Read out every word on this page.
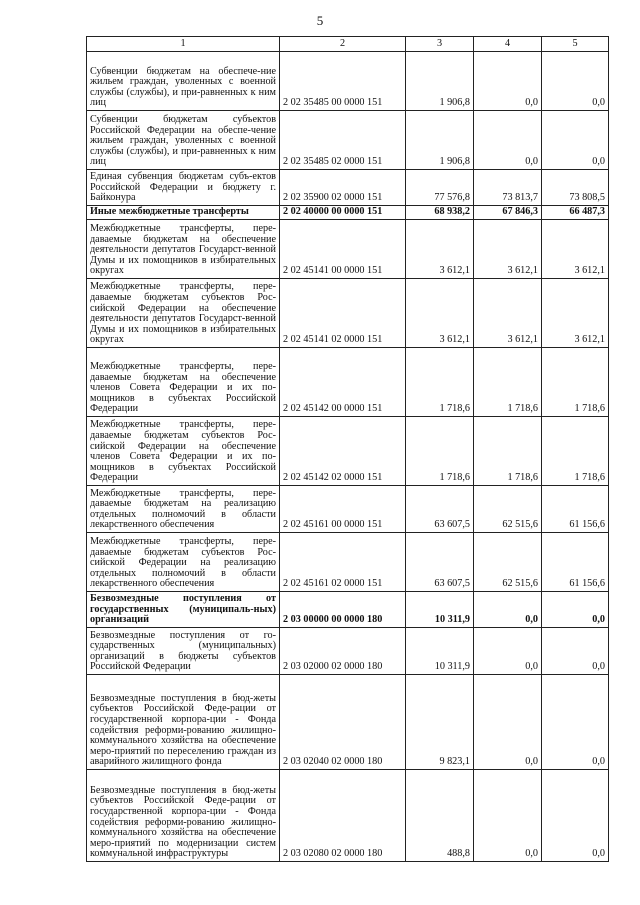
5
1	2	3	4	5
Субвенции бюджетам на обеспече-ние жильем граждан, уволенных с военной службы (службы), и при-равненных к ним лиц	2 02 35485 00 0000 151	1 906,8	0,0	0,0
Субвенции бюджетам субъектов Российской Федерации на обеспе-чение жильем граждан, уволенных с военной службы (службы), и при-равненных к ним лиц	2 02 35485 02 0000 151	1 906,8	0,0	0,0
Единая субвенция бюджетам субъ-ектов Российской Федерации и бюджету г. Байконура	2 02 35900 02 0000 151	77 576,8	73 813,7	73 808,5
Иные межбюджетные трансферты	2 02 40000 00 0000 151	68 938,2	67 846,3	66 487,3
Межбюджетные трансферты, пере-даваемые бюджетам на обеспечение деятельности депутатов Государст-венной Думы и их помощников в избирательных округах	2 02 45141 00 0000 151	3 612,1	3 612,1	3 612,1
Межбюджетные трансферты, пере-даваемые бюджетам субъектов Рос-сийской Федерации на обеспечение деятельности депутатов Государст-венной Думы и их помощников в избирательных округах	2 02 45141 02 0000 151	3 612,1	3 612,1	3 612,1
Межбюджетные трансферты, пере-даваемые бюджетам на обеспечение членов Совета Федерации и их по-мощников в субъектах Российской Федерации	2 02 45142 00 0000 151	1 718,6	1 718,6	1 718,6
Межбюджетные трансферты, пере-даваемые бюджетам субъектов Рос-сийской Федерации на обеспечение членов Совета Федерации и их по-мощников в субъектах Российской Федерации	2 02 45142 02 0000 151	1 718,6	1 718,6	1 718,6
Межбюджетные трансферты, пере-даваемые бюджетам на реализацию отдельных полномочий в области лекарственного обеспечения	2 02 45161 00 0000 151	63 607,5	62 515,6	61 156,6
Межбюджетные трансферты, пере-даваемые бюджетам субъектов Рос-сийской Федерации на реализацию отдельных полномочий в области лекарственного обеспечения	2 02 45161 02 0000 151	63 607,5	62 515,6	61 156,6
Безвозмездные поступления от государственных (муниципаль-ных) организаций	2 03 00000 00 0000 180	10 311,9	0,0	0,0
Безвозмездные поступления от го-сударственных (муниципальных) организаций в бюджеты субъектов Российской Федерации	2 03 02000 02 0000 180	10 311,9	0,0	0,0
Безвозмездные поступления в бюд-жеты субъектов Российской Феде-рации от государственной корпора-ции - Фонда содействия реформи-рованию жилищно-коммунального хозяйства на обеспечение меро-приятий по переселению граждан из аварийного жилищного фонда	2 03 02040 02 0000 180	9 823,1	0,0	0,0
Безвозмездные поступления в бюд-жеты субъектов Российской Феде-рации от государственной корпора-ции - Фонда содействия реформи-рованию жилищно-коммунального хозяйства на обеспечение меро-приятий по модернизации систем коммунальной инфраструктуры	2 03 02080 02 0000 180	488,8	0,0	0,0
